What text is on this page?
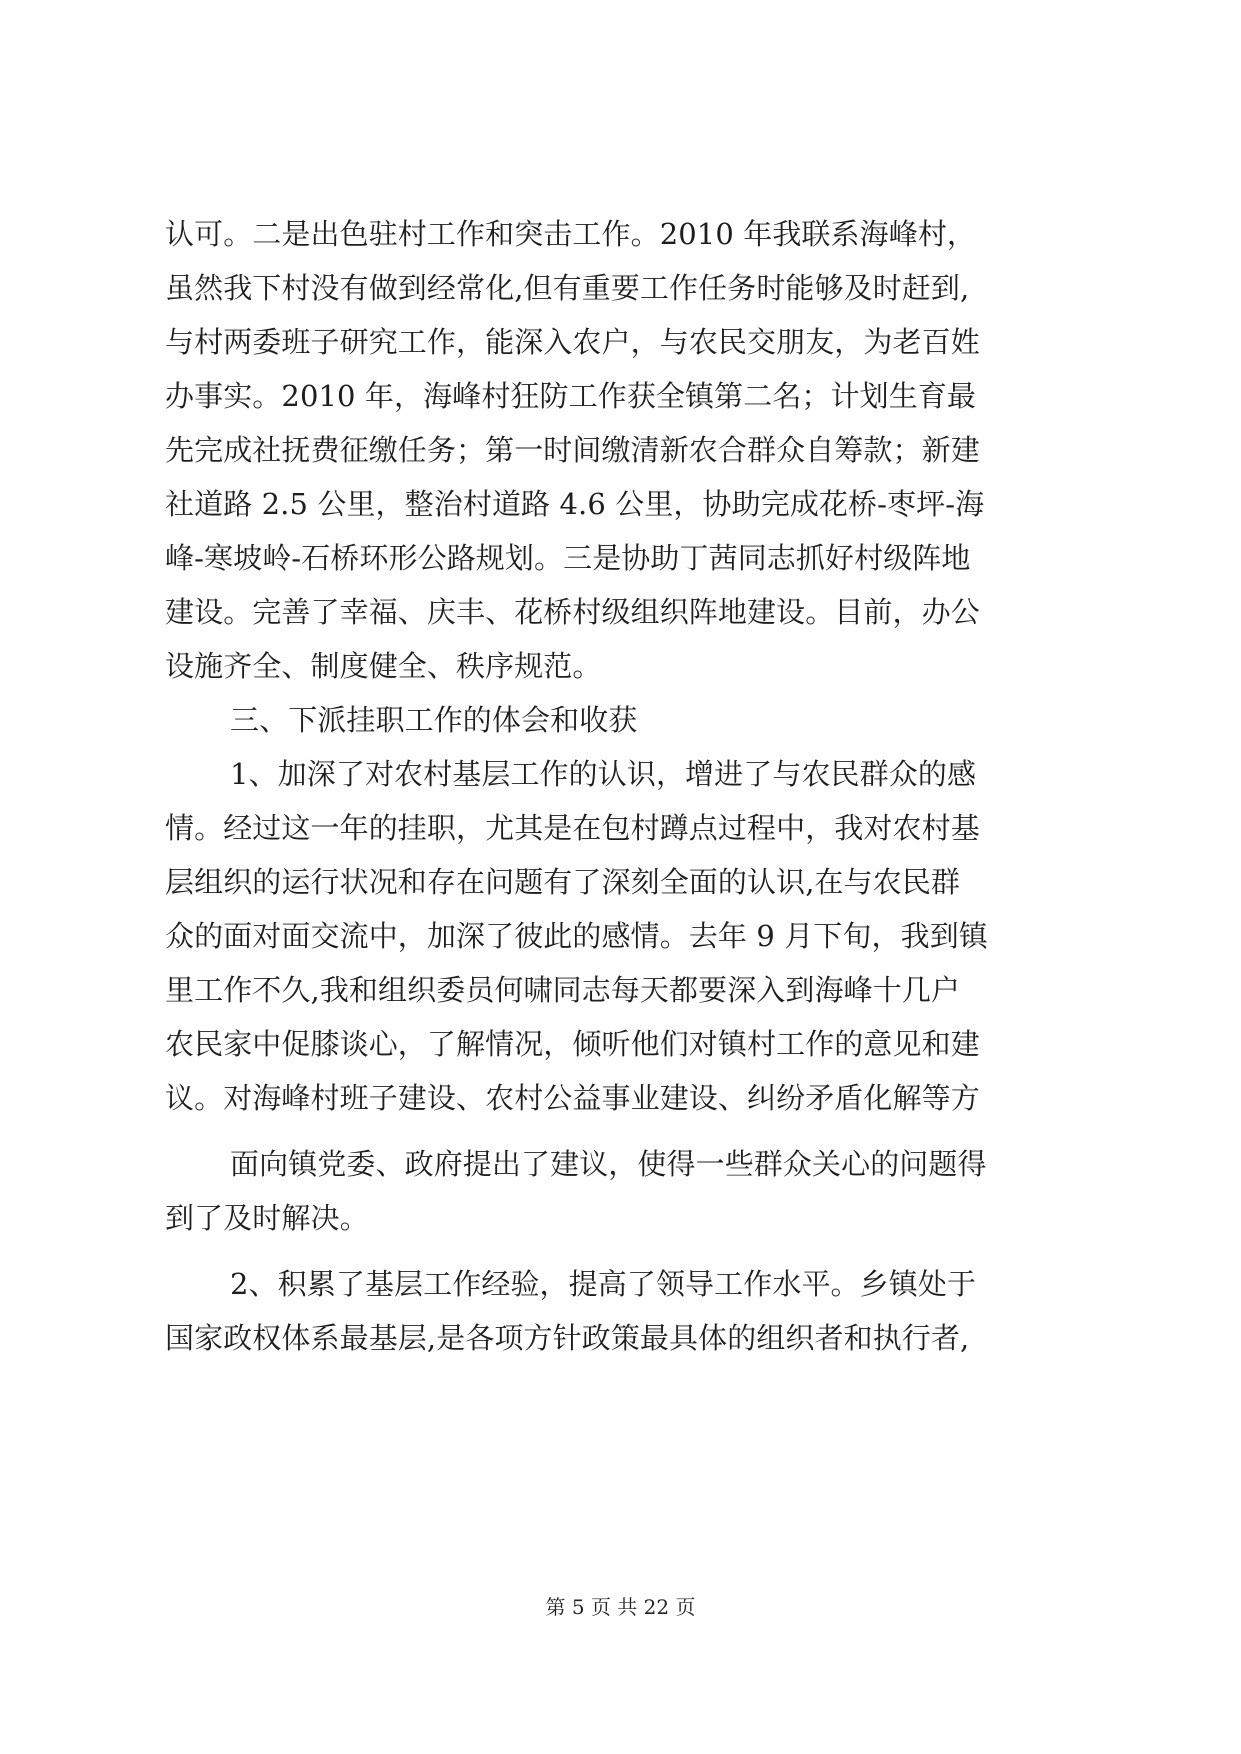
认可。二是出色驻村工作和突击工作。2010 年我联系海峰村，
虽然我下村没有做到经常化,但有重要工作任务时能够及时赶到,
与村两委班子研究工作，能深入农户，与农民交朋友，为老百姓
办事实。2010 年，海峰村狂防工作获全镇第二名；计划生育最
先完成社抚费征缴任务；第一时间缴清新农合群众自筹款；新建
社道路 2.5 公里，整治村道路 4.6 公里，协助完成花桥-枣坪-海
峰-寒坡岭-石桥环形公路规划。三是协助丁茜同志抓好村级阵地
建设。完善了幸福、庆丰、花桥村级组织阵地建设。目前，办公
设施齐全、制度健全、秩序规范。
三、下派挂职工作的体会和收获
1、加深了对农村基层工作的认识，增进了与农民群众的感
情。经过这一年的挂职，尤其是在包村蹲点过程中，我对农村基
层组织的运行状况和存在问题有了深刻全面的认识,在与农民群
众的面对面交流中，加深了彼此的感情。去年 9 月下旬，我到镇
里工作不久,我和组织委员何啸同志每天都要深入到海峰十几户
农民家中促膝谈心，了解情况，倾听他们对镇村工作的意见和建
议。对海峰村班子建设、农村公益事业建设、纠纷矛盾化解等方
面向镇党委、政府提出了建议，使得一些群众关心的问题得
到了及时解决。
2、积累了基层工作经验，提高了领导工作水平。乡镇处于
国家政权体系最基层,是各项方针政策最具体的组织者和执行者,
第 5 页 共 22 页
